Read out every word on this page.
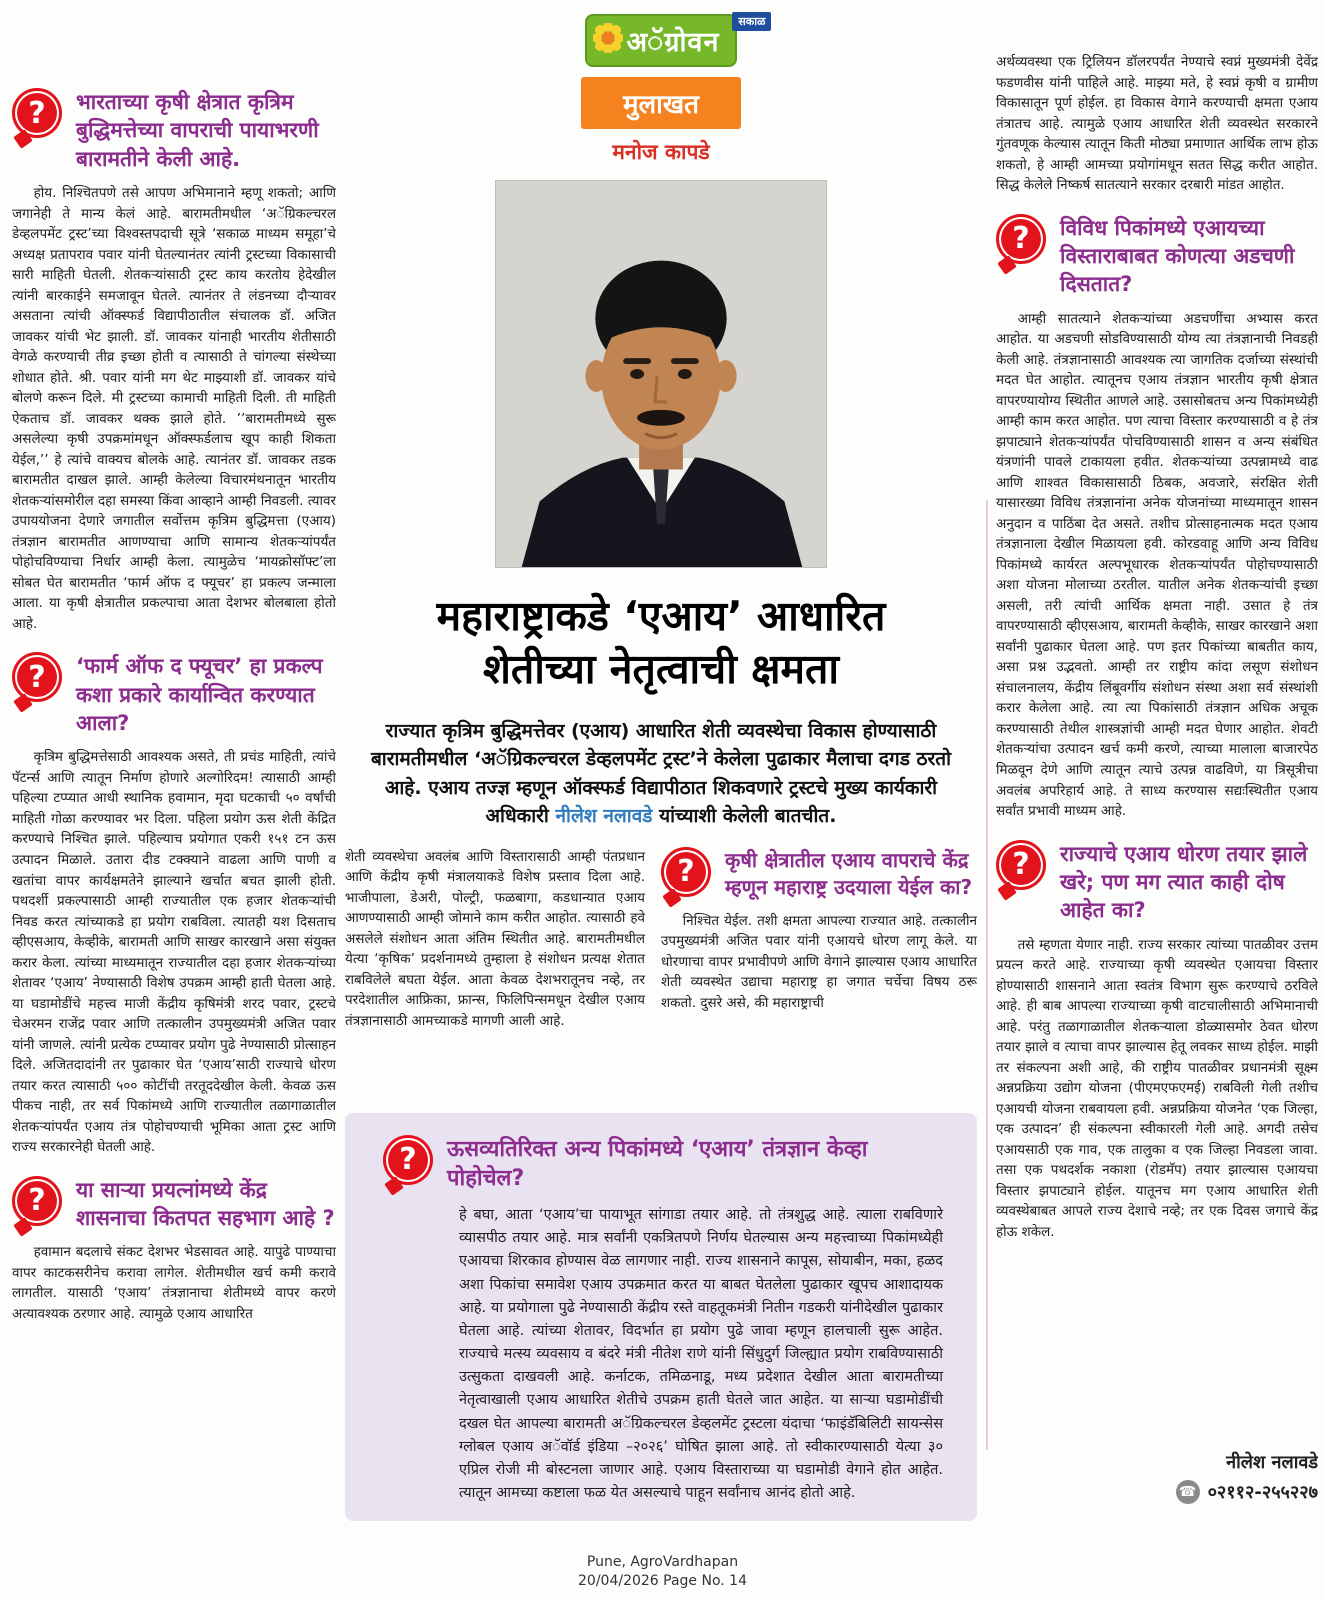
?	भारताच्या कृषी क्षेत्रात कृत्रिम बुद्धिमत्तेच्या वापराची पायाभरणी बारामतीने केली आहे.

होय. निश्चितपणे तसे आपण अभिमानाने म्हणू शकतो; आणि जगानेही ते मान्य केलं आहे. बारामतीमधील ‘अॅग्रिकल्चरल डेव्हलपमेंट ट्रस्ट’च्या विश्वस्तपदाची सूत्रे ‘सकाळ माध्यम समूहा’चे अध्यक्ष प्रतापराव पवार यांनी घेतल्यानंतर त्यांनी ट्रस्टच्या विकासाची सारी माहिती घेतली. शेतकऱ्यांसाठी ट्रस्ट काय करतोय हेदेखील त्यांनी बारकाईने समजावून घेतले. त्यानंतर ते लंडनच्या दौऱ्यावर असताना त्यांची ऑक्स्फर्ड विद्यापीठातील संचालक डॉ. अजित जावकर यांची भेट झाली. डॉ. जावकर यांनाही भारतीय शेतीसाठी वेगळे करण्याची तीव्र इच्छा होती व त्यासाठी ते चांगल्या संस्थेच्या शोधात होते. श्री. पवार यांनी मग थेट माझ्याशी डॉ. जावकर यांचे बोलणे करून दिले. मी ट्रस्टच्या कामाची माहिती दिली. ती माहिती ऐकताच डॉ. जावकर थक्क झाले होते. ’’बारामतीमध्ये सुरू असलेल्या कृषी उपक्रमांमधून ऑक्स्फर्डलाच खूप काही शिकता येईल,’’ हे त्यांचे वाक्यच बोलके आहे. त्यानंतर डॉ. जावकर तडक बारामतीत दाखल झाले. आम्ही केलेल्या विचारमंथनातून भारतीय शेतकऱ्यांसमोरील दहा समस्या किंवा आव्हाने आम्ही निवडली. त्यावर उपाययोजना देणारे जगातील सर्वोत्तम कृत्रिम बुद्धिमत्ता (एआय) तंत्रज्ञान बारामतीत आणण्याचा आणि सामान्य शेतकऱ्यांपर्यंत पोहोचविण्याचा निर्धार आम्ही केला. त्यामुळेच ‘मायक्रोसॉफ्ट’ला सोबत घेत बारामतीत ‘फार्म ऑफ द फ्यूचर’ हा प्रकल्प जन्माला आला. या कृषी क्षेत्रातील प्रकल्पाचा आता देशभर बोलबाला होतो आहे.

?	‘फार्म ऑफ द फ्यूचर’ हा प्रकल्प कशा प्रकारे कार्यान्वित करण्यात आला?

कृत्रिम बुद्धिमत्तेसाठी आवश्यक असते, ती प्रचंड माहिती, त्यांचे पॅटर्न्स आणि त्यातून निर्माण होणारे अल्गोरिदम! त्यासाठी आम्ही पहिल्या टप्प्यात आधी स्थानिक हवामान, मृदा घटकाची ५० वर्षांची माहिती गोळा करण्यावर भर दिला. पहिला प्रयोग ऊस शेती केंद्रित करण्याचे निश्चित झाले. पहिल्याच प्रयोगात एकरी १५१ टन ऊस उत्पादन मिळाले. उतारा दीड टक्क्याने वाढला आणि पाणी व खतांचा वापर कार्यक्षमतेने झाल्याने खर्चात बचत झाली होती. पथदर्शी प्रकल्पासाठी आम्ही राज्यातील एक हजार शेतकऱ्यांची निवड करत त्यांच्याकडे हा प्रयोग राबविला. त्यातही यश दिसताच व्हीएसआय, केव्हीके, बारामती आणि साखर कारखाने असा संयुक्त करार केला. त्यांच्या माध्यमातून राज्यातील दहा हजार शेतकऱ्यांच्या शेतावर ‘एआय’ नेण्यासाठी विशेष उपक्रम आम्ही हाती घेतला आहे. या घडामोडींचे महत्त्व माजी केंद्रीय कृषिमंत्री शरद पवार, ट्रस्टचे चेअरमन राजेंद्र पवार आणि तत्कालीन उपमुख्यमंत्री अजित पवार यांनी जाणले. त्यांनी प्रत्येक टप्प्यावर प्रयोग पुढे नेण्यासाठी प्रोत्साहन दिले. अजितदादांनी तर पुढाकार घेत ‘एआय’साठी राज्याचे धोरण तयार करत त्यासाठी ५०० कोटींची तरतूददेखील केली. केवळ ऊस पीकच नाही, तर सर्व पिकांमध्ये आणि राज्यातील तळागाळातील शेतकऱ्यांपर्यंत एआय तंत्र पोहोचण्याची भूमिका आता ट्रस्ट आणि राज्य सरकारनेही घेतली आहे.

?	या साऱ्या प्रयत्नांमध्ये केंद्र शासनाचा कितपत सहभाग आहे ?

हवामान बदलाचे संकट देशभर भेडसावत आहे. यापुढे पाण्याचा वापर काटकसरीनेच करावा लागेल. शेतीमधील खर्च कमी करावे लागतील. यासाठी ‘एआय’ तंत्रज्ञानाचा शेतीमध्ये वापर करणे अत्यावश्यक ठरणार आहे. त्यामुळे एआय आधारित

अॅग्रोवन
सकाळ
मुलाखत
मनोज कापडे
महाराष्ट्राकडे ‘एआय’ आधारित
शेतीच्या नेतृत्वाची क्षमता

राज्यात कृत्रिम बुद्धिमत्तेवर (एआय) आधारित शेती व्यवस्थेचा विकास होण्यासाठी बारामतीमधील ‘अॅग्रिकल्चरल डेव्हलपमेंट ट्रस्ट’ने केलेला पुढाकार मैलाचा दगड ठरतो आहे. एआय तज्ज्ञ म्हणून ऑक्स्फर्ड विद्यापीठात शिकवणारे ट्रस्टचे मुख्य कार्यकारी अधिकारी नीलेश नलावडे यांच्याशी केलेली बातचीत.

शेती व्यवस्थेचा अवलंब आणि विस्तारासाठी आम्ही पंतप्रधान आणि केंद्रीय कृषी मंत्रालयाकडे विशेष प्रस्ताव दिला आहे. भाजीपाला, डेअरी, पोल्ट्री, फळबागा, कडधान्यात एआय आणण्यासाठी आम्ही जोमाने काम करीत आहोत. त्यासाठी हवे असलेले संशोधन आता अंतिम स्थितीत आहे. बारामतीमधील येत्या ‘कृषिक’ प्रदर्शनामध्ये तुम्हाला हे संशोधन प्रत्यक्ष शेतात राबविलेले बघता येईल. आता केवळ देशभरातूनच नव्हे, तर परदेशातील आफ्रिका, फ्रान्स, फिलिपिन्समधून देखील एआय तंत्रज्ञानासाठी आमच्याकडे मागणी आली आहे.

?	कृषी क्षेत्रातील एआय वापराचे केंद्र म्हणून महाराष्ट्र उदयाला येईल का?

निश्चित येईल. तशी क्षमता आपल्या राज्यात आहे. तत्कालीन उपमुख्यमंत्री अजित पवार यांनी एआयचे धोरण लागू केले. या धोरणाचा वापर प्रभावीपणे आणि वेगाने झाल्यास एआय आधारित शेती व्यवस्थेत उद्याचा महाराष्ट्र हा जगात चर्चेचा विषय ठरू शकतो. दुसरे असे, की महाराष्ट्राची

?	ऊसव्यतिरिक्त अन्य पिकांमध्ये ‘एआय’ तंत्रज्ञान केव्हा पोहोचेल?

हे बघा, आता ‘एआय’चा पायाभूत सांगाडा तयार आहे. तो तंत्रशुद्ध आहे. त्याला राबविणारे व्यासपीठ तयार आहे. मात्र सर्वांनी एकत्रितपणे निर्णय घेतल्यास अन्य महत्त्वाच्या पिकांमध्येही एआयचा शिरकाव होण्यास वेळ लागणार नाही. राज्य शासनाने कापूस, सोयाबीन, मका, हळद अशा पिकांचा समावेश एआय उपक्रमात करत या बाबत घेतलेला पुढाकार खूपच आशादायक आहे. या प्रयोगाला पुढे नेण्यासाठी केंद्रीय रस्ते वाहतूकमंत्री नितीन गडकरी यांनीदेखील पुढाकार घेतला आहे. त्यांच्या शेतावर, विदर्भात हा प्रयोग पुढे जावा म्हणून हालचाली सुरू आहेत. राज्याचे मत्स्य व्यवसाय व बंदरे मंत्री नीतेश राणे यांनी सिंधुदुर्ग जिल्ह्यात प्रयोग राबविण्यासाठी उत्सुकता दाखवली आहे. कर्नाटक, तमिळनाडू, मध्य प्रदेशात देखील आता बारामतीच्या नेतृत्वाखाली एआय आधारित शेतीचे उपक्रम हाती घेतले जात आहेत. या साऱ्या घडामोडींची दखल घेत आपल्या बारामती अॅग्रिकल्चरल डेव्हलमेंट ट्रस्टला यंदाचा ‘फाइंडॅबिलिटी सायन्सेस ग्लोबल एआय अॅवॉर्ड इंडिया –२०२६’ घोषित झाला आहे. तो स्वीकारण्यासाठी येत्या ३० एप्रिल रोजी मी बोस्टनला जाणार आहे. एआय विस्ताराच्या या घडामोडी वेगाने होत आहेत. त्यातून आमच्या कष्टाला फळ येत असल्याचे पाहून सर्वांनाच आनंद होतो आहे.

अर्थव्यवस्था एक ट्रिलियन डॉलरपर्यंत नेण्याचे स्वप्नं मुख्यमंत्री देवेंद्र फडणवीस यांनी पाहिले आहे. माझ्या मते, हे स्वप्नं कृषी व ग्रामीण विकासातून पूर्ण होईल. हा विकास वेगाने करण्याची क्षमता एआय तंत्रातच आहे. त्यामुळे एआय आधारित शेती व्यवस्थेत सरकारने गुंतवणूक केल्यास त्यातून किती मोठ्या प्रमाणात आर्थिक लाभ होऊ शकतो, हे आम्ही आमच्या प्रयोगांमधून सतत सिद्ध करीत आहोत. सिद्ध केलेले निष्कर्ष सातत्याने सरकार दरबारी मांडत आहोत.

?	विविध पिकांमध्ये एआयच्या विस्ताराबाबत कोणत्या अडचणी दिसतात?

आम्ही सातत्याने शेतकऱ्यांच्या अडचणींचा अभ्यास करत आहोत. या अडचणी सोडविण्यासाठी योग्य त्या तंत्रज्ञानाची निवडही केली आहे. तंत्रज्ञानासाठी आवश्यक त्या जागतिक दर्जाच्या संस्थांची मदत घेत आहोत. त्यातूनच एआय तंत्रज्ञान भारतीय कृषी क्षेत्रात वापरण्यायोग्य स्थितीत आणले आहे. उसासोबतच अन्य पिकांमध्येही आम्ही काम करत आहोत. पण त्याचा विस्तार करण्यासाठी व हे तंत्र झपाट्याने शेतकऱ्यांपर्यंत पोचविण्यासाठी शासन व अन्य संबंधित यंत्रणांनी पावले टाकायला हवीत. शेतकऱ्यांच्या उत्पन्नामध्ये वाढ आणि शाश्वत विकासासाठी ठिबक, अवजारे, संरक्षित शेती यासारख्या विविध तंत्रज्ञानांना अनेक योजनांच्या माध्यमातून शासन अनुदान व पाठिंबा देत असते. तशीच प्रोत्साहनात्मक मदत एआय तंत्रज्ञानाला देखील मिळायला हवी. कोरडवाहू आणि अन्य विविध पिकांमध्ये कार्यरत अल्पभूधारक शेतकऱ्यांपर्यंत पोहोचण्यासाठी अशा योजना मोलाच्या ठरतील. यातील अनेक शेतकऱ्यांची इच्छा असली, तरी त्यांची आर्थिक क्षमता नाही. उसात हे तंत्र वापरण्यासाठी व्हीएसआय, बारामती केव्हीके, साखर कारखाने अशा सर्वांनी पुढाकार घेतला आहे. पण इतर पिकांच्या बाबतीत काय, असा प्रश्न उद्भवतो. आम्ही तर राष्ट्रीय कांदा लसूण संशोधन संचालनालय, केंद्रीय लिंबूवर्गीय संशोधन संस्था अशा सर्व संस्थांशी करार केलेला आहे. त्या त्या पिकांसाठी तंत्रज्ञान अधिक अचूक करण्यासाठी तेथील शास्त्रज्ञांची आम्ही मदत घेणार आहोत. शेवटी शेतकऱ्यांचा उत्पादन खर्च कमी करणे, त्याच्या मालाला बाजारपेठ मिळवून देणे आणि त्यातून त्याचे उत्पन्न वाढविणे, या त्रिसूत्रीचा अवलंब अपरिहार्य आहे. ते साध्य करण्यास सद्यःस्थितीत एआय सर्वांत प्रभावी माध्यम आहे.

?	राज्याचे एआय धोरण तयार झाले खरे; पण मग त्यात काही दोष आहेत का?

तसे म्हणता येणार नाही. राज्य सरकार त्यांच्या पातळीवर उत्तम प्रयत्न करते आहे. राज्याच्या कृषी व्यवस्थेत एआयचा विस्तार होण्यासाठी शासनाने आता स्वतंत्र विभाग सुरू करण्याचे ठरविले आहे. ही बाब आपल्या राज्याच्या कृषी वाटचालीसाठी अभिमानाची आहे. परंतु तळागाळातील शेतकऱ्याला डोळ्यासमोर ठेवत धोरण तयार झाले व त्याचा वापर झाल्यास हेतू लवकर साध्य होईल. माझी तर संकल्पना अशी आहे, की राष्ट्रीय पातळीवर प्रधानमंत्री सूक्ष्म अन्नप्रक्रिया उद्योग योजना (पीएमएफएमई) राबविली गेली तशीच एआयची योजना राबवायला हवी. अन्नप्रक्रिया योजनेत ‘एक जिल्हा, एक उत्पादन’ ही संकल्पना स्वीकारली गेली आहे. अगदी तसेच एआयसाठी एक गाव, एक तालुका व एक जिल्हा निवडला जावा. तसा एक पथदर्शक नकाशा (रोडमॅप) तयार झाल्यास एआयचा विस्तार झपाट्याने होईल. यातूनच मग एआय आधारित शेती व्यवस्थेबाबत आपले राज्य देशाचे नव्हे; तर एक दिवस जगाचे केंद्र होऊ शकेल.

नीलेश नलावडे
☎ ०२११२-२५५२२७
Pune, AgroVardhapan
20/04/2026 Page No. 14
